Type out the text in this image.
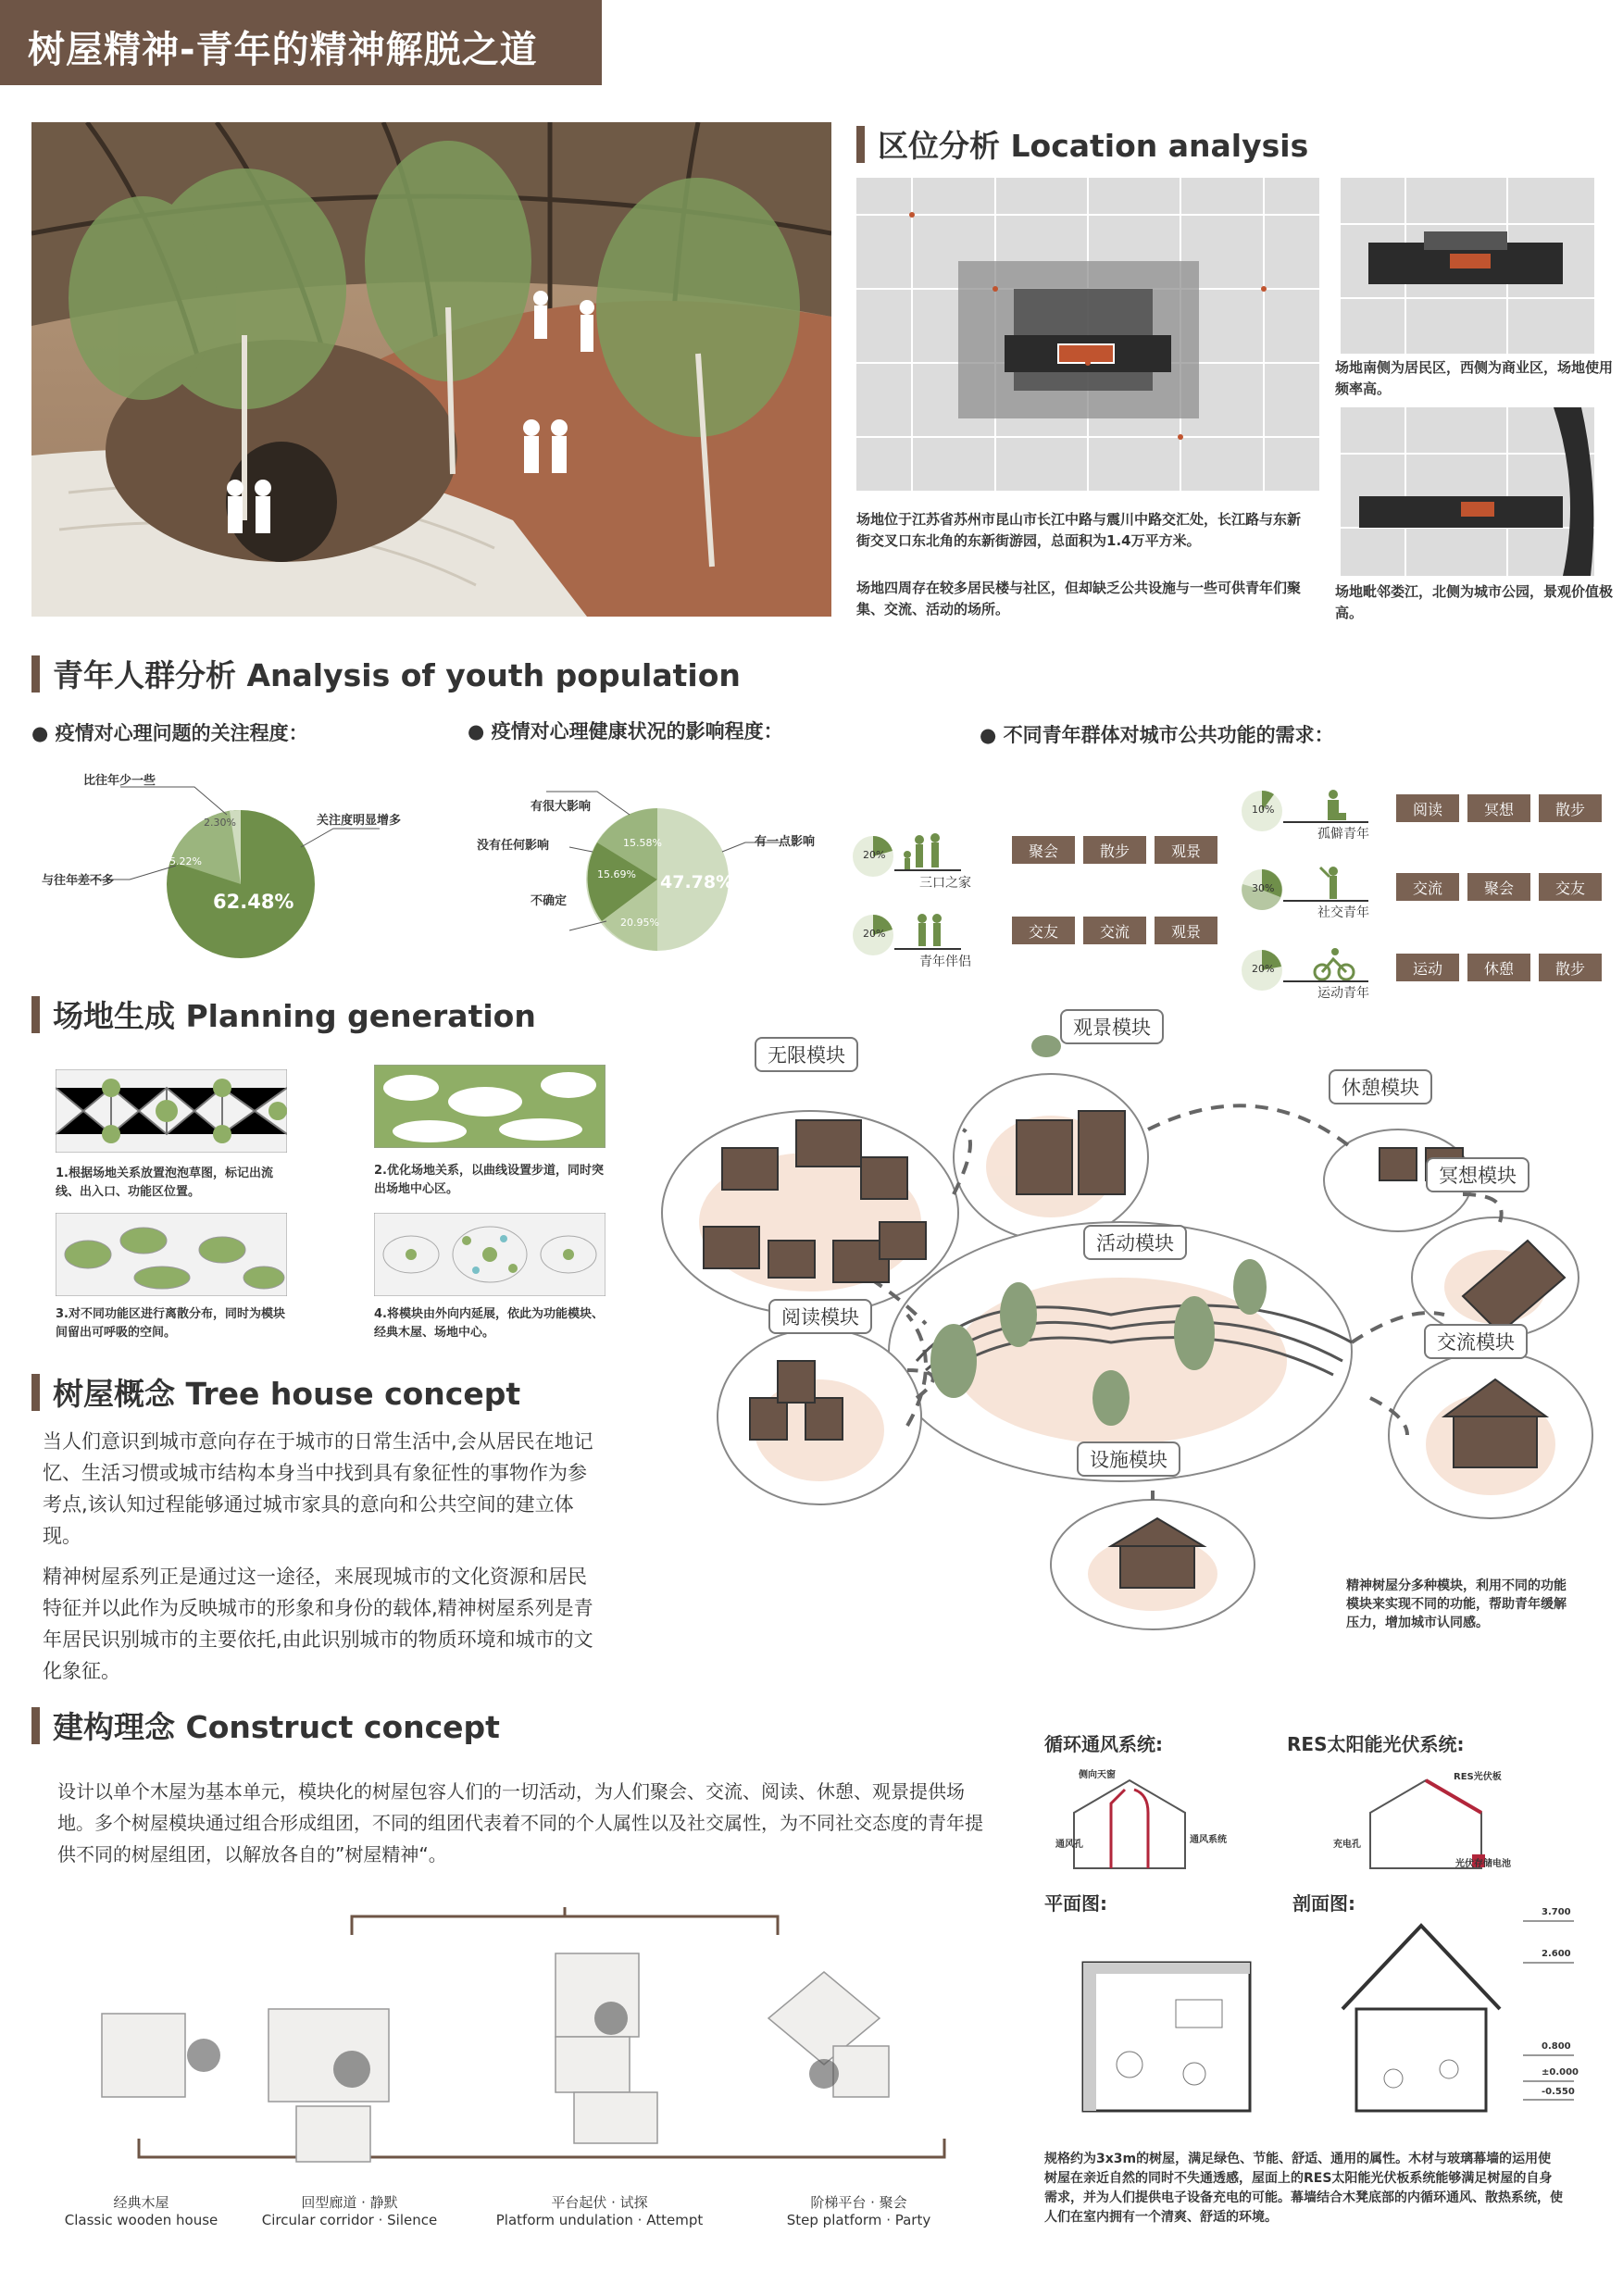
树屋精神-青年的精神解脱之道
区位分析 Location analysis
场地南侧为居民区，西侧为商业区，场地使用频率高。
场地毗邻娄江，北侧为城市公园，景观价值极高。
场地位于江苏省苏州市昆山市长江中路与震川中路交汇处，长江路与东新街交叉口东北角的东新街游园，总面积为1.4万平方米。
场地四周存在较多居民楼与社区，但却缺乏公共设施与一些可供青年们聚集、交流、活动的场所。
青年人群分析 Analysis of youth population
● 疫情对心理问题的关注程度：	● 疫情对心理健康状况的影响程度：	● 不同青年群体对城市公共功能的需求：
比往年少一些
关注度明显增多
与往年差不多
62.48%
35.22%
2.30%
有很大影响
有一点影响
没有任何影响
不确定
47.78%
20.95%
15.69%
15.58%
20%
三口之家
聚会	散步	观景
20%
青年伴侣
交友	交流	观景
10%
孤僻青年
阅读	冥想	散步
30%
社交青年
交流	聚会	交友
20%
运动青年
运动	休憩	散步
场地生成 Planning generation
1.根据场地关系放置泡泡草图，标记出流线、出入口、功能区位置。
2.优化场地关系，以曲线设置步道，同时突出场地中心区。
3.对不同功能区进行离散分布，同时为模块间留出可呼吸的空间。
4.将模块由外向内延展，依此为功能模块、经典木屋、场地中心。
无限模块
观景模块
休憩模块
冥想模块
活动模块
阅读模块
交流模块
设施模块
精神树屋分多种模块，利用不同的功能模块来实现不同的功能，帮助青年缓解压力，增加城市认同感。
树屋概念 Tree house concept
当人们意识到城市意向存在于城市的日常生活中,会从居民在地记忆、生活习惯或城市结构本身当中找到具有象征性的事物作为参考点,该认知过程能够通过城市家具的意向和公共空间的建立体现。
精神树屋系列正是通过这一途径，来展现城市的文化资源和居民特征并以此作为反映城市的形象和身份的载体,精神树屋系列是青年居民识别城市的主要依托,由此识别城市的物质环境和城市的文化象征。
建构理念 Construct concept
设计以单个木屋为基本单元，模块化的树屋包容人们的一切活动，为人们聚会、交流、阅读、休憩、观景提供场地。多个树屋模块通过组合形成组团，不同的组团代表着不同的个人属性以及社交属性，为不同社交态度的青年提供不同的树屋组团，以解放各自的”树屋精神“。
经典木屋
Classic wooden house
回型廊道 · 静默
Circular corridor · Silence
平台起伏 · 试探
Platform undulation · Attempt
阶梯平台 · 聚会
Step platform · Party
循环通风系统:	RES太阳能光伏系统:
侧向天窗
通风孔	通风系统
RES光伏板
充电孔
光伏存储电池
平面图:	剖面图:	3.700
2.600
0.800
±0.000
-0.550
规格约为3x3m的树屋，满足绿色、节能、舒适、通用的属性。木材与玻璃幕墙的运用使树屋在亲近自然的同时不失通透感，屋面上的RES太阳能光伏板系统能够满足树屋的自身需求，并为人们提供电子设备充电的可能。幕墙结合木凳底部的内循环通风、散热系统，使人们在室内拥有一个清爽、舒适的环境。
